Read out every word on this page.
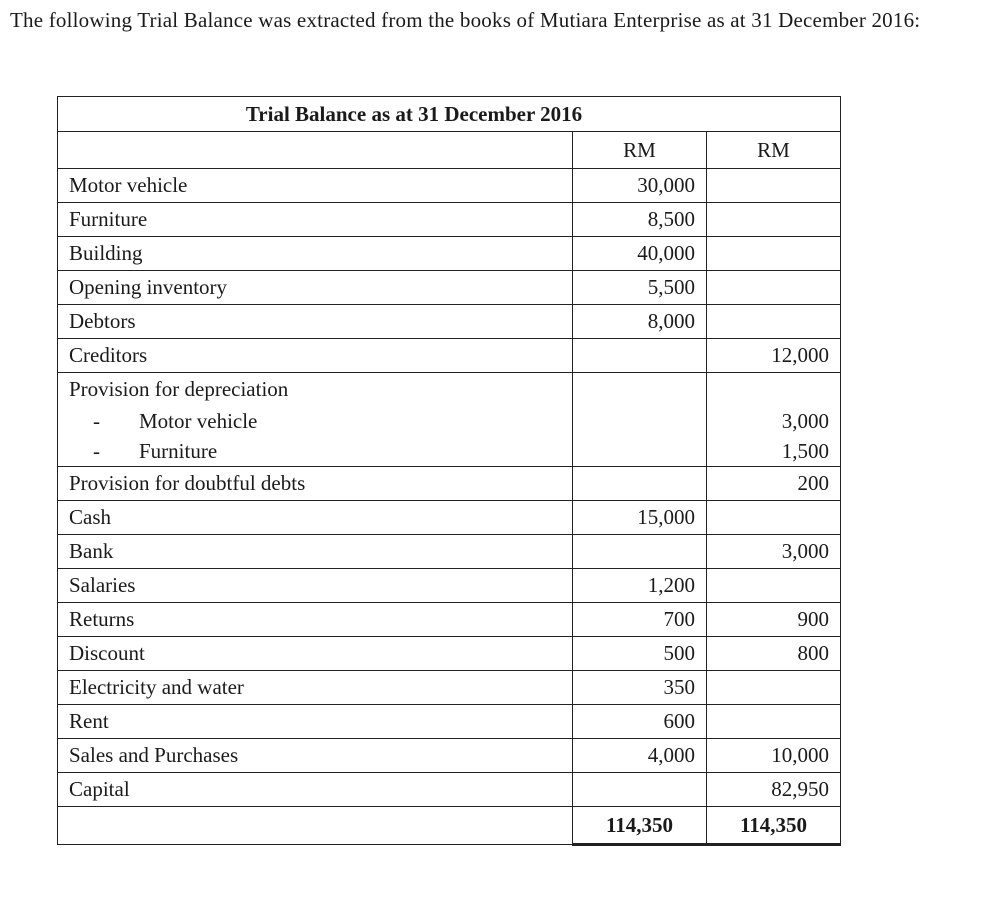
The following Trial Balance was extracted from the books of Mutiara Enterprise as at 31 December 2016:
Trial Balance as at 31 December 2016		
	RM	RM
Motor vehicle	30,000	
Furniture	8,500	
Building	40,000	
Opening inventory	5,500	
Debtors	8,000	
Creditors		12,000
Provision for depreciation		
- Motor vehicle		3,000
- Furniture		1,500
Provision for doubtful debts		200
Cash	15,000	
Bank		3,000
Salaries	1,200	
Returns	700	900
Discount	500	800
Electricity and water	350	
Rent	600	
Sales and Purchases	4,000	10,000
Capital		82,950
	114,350	114,350
